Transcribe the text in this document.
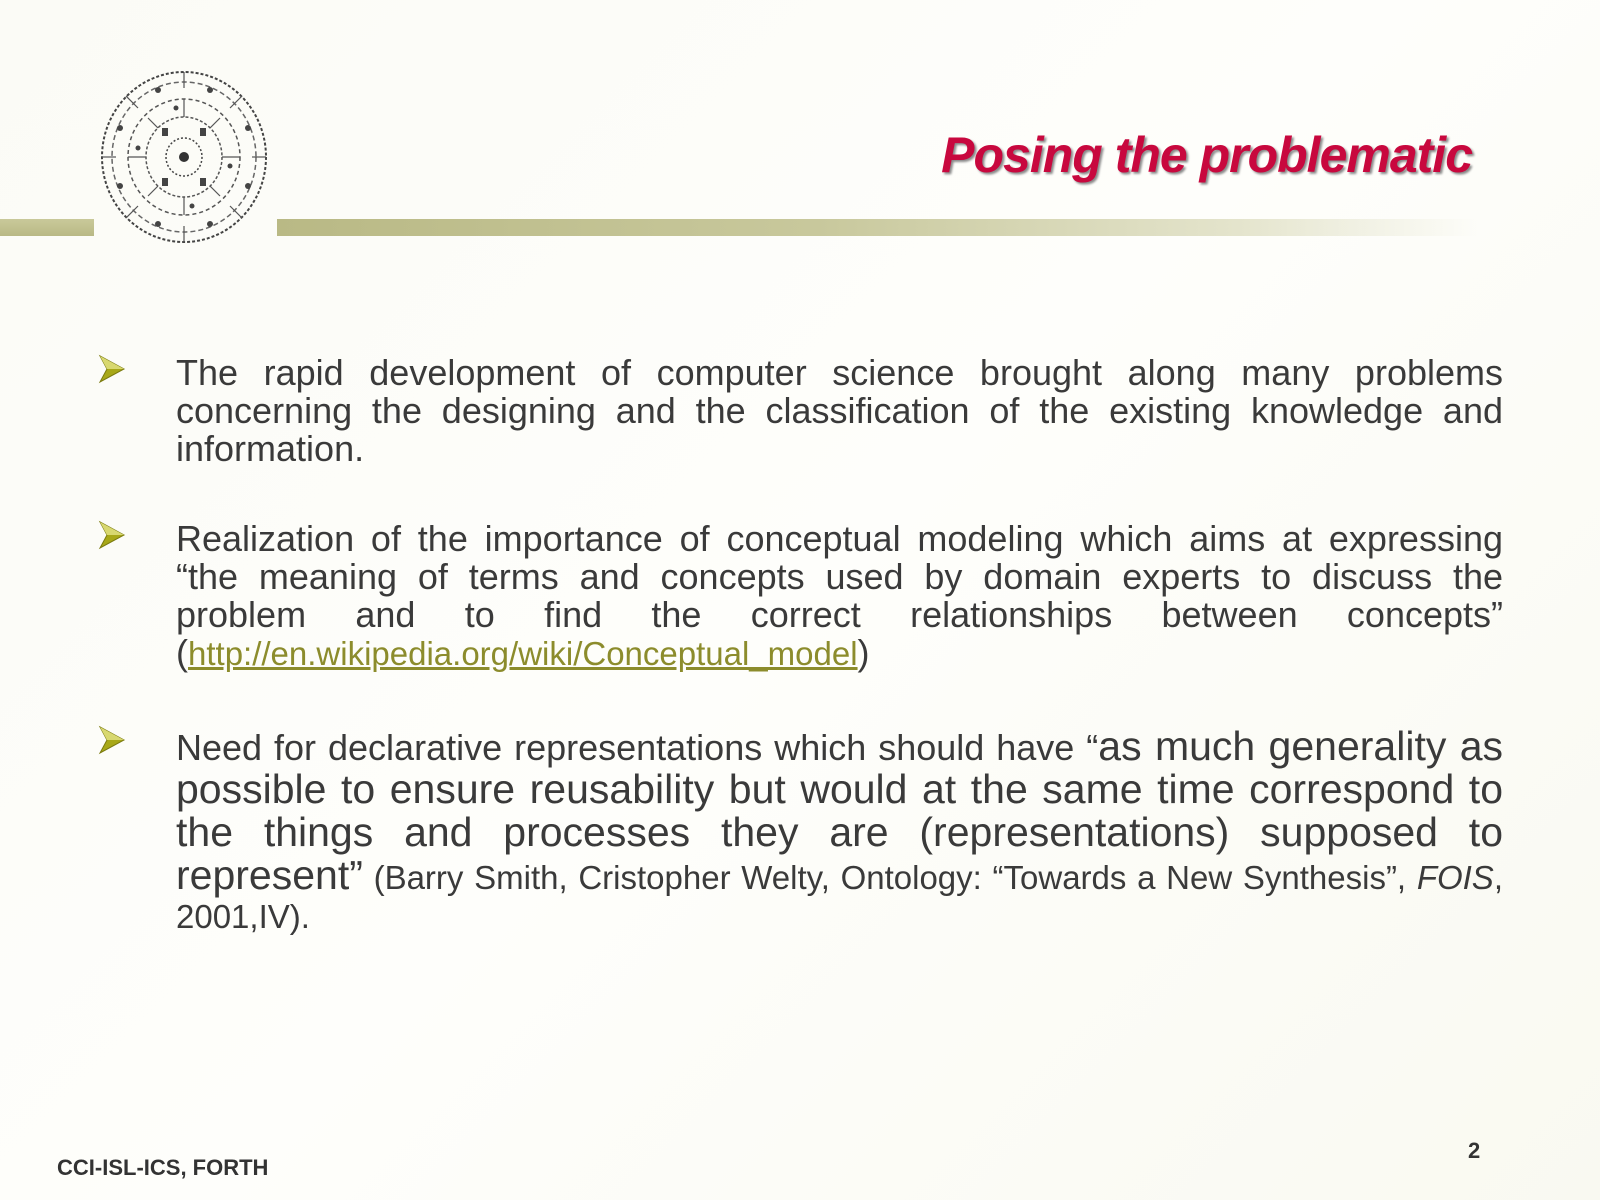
Posing the problematic
The rapid development of computer science brought along many problems concerning the designing and the classification of the existing knowledge and information.
Realization of the importance of conceptual modeling which aims at expressing “the meaning of terms and concepts used by domain experts to discuss the problem and to find the correct relationships between concepts” (http://en.wikipedia.org/wiki/Conceptual_model)
Need for declarative representations which should have “as much generality as possible to ensure reusability but would at the same time correspond to the things and processes they are (representations) supposed to represent” (Barry Smith, Cristopher Welty, Ontology: “Towards a New Synthesis”, FOIS, 2001,IV).
CCI-ISL-ICS, FORTH
2
